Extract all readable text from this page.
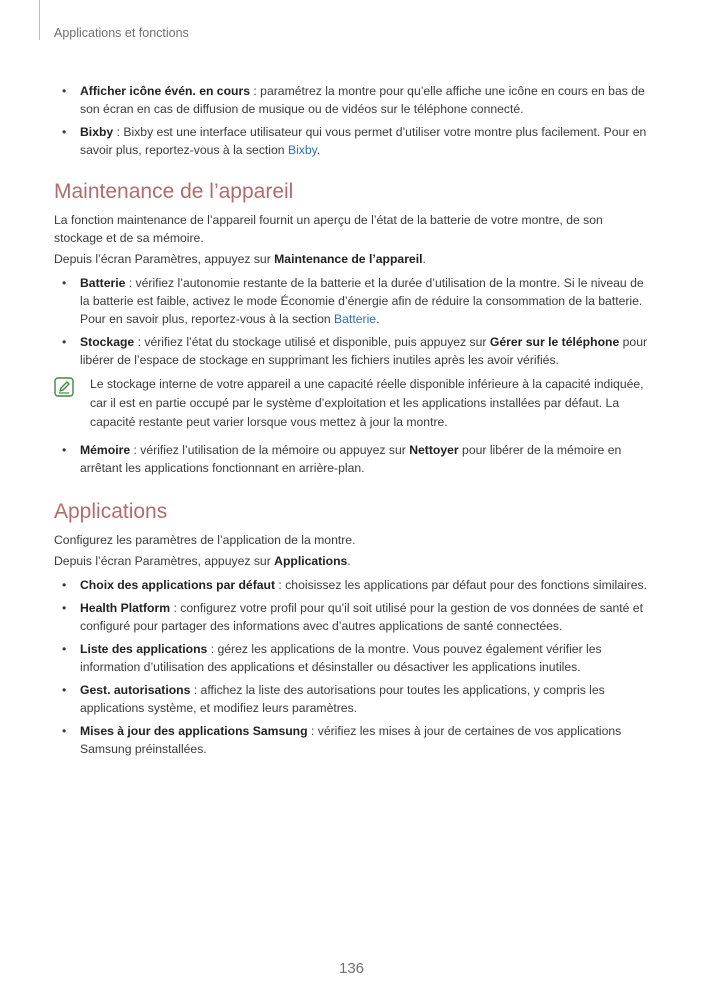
Applications et fonctions
• Afficher icône évén. en cours : paramétrez la montre pour qu’elle affiche une icône en cours en bas de son écran en cas de diffusion de musique ou de vidéos sur le téléphone connecté.
• Bixby : Bixby est une interface utilisateur qui vous permet d’utiliser votre montre plus facilement. Pour en savoir plus, reportez-vous à la section Bixby.
Maintenance de l’appareil

La fonction maintenance de l’appareil fournit un aperçu de l’état de la batterie de votre montre, de son stockage et de sa mémoire.

Depuis l’écran Paramètres, appuyez sur Maintenance de l’appareil.

• Batterie : vérifiez l’autonomie restante de la batterie et la durée d’utilisation de la montre. Si le niveau de la batterie est faible, activez le mode Économie d’énergie afin de réduire la consommation de la batterie. Pour en savoir plus, reportez-vous à la section Batterie.
• Stockage : vérifiez l’état du stockage utilisé et disponible, puis appuyez sur Gérer sur le téléphone pour libérer de l’espace de stockage en supprimant les fichiers inutiles après les avoir vérifiés.
Le stockage interne de votre appareil a une capacité réelle disponible inférieure à la capacité indiquée, car il est en partie occupé par le système d’exploitation et les applications installées par défaut. La capacité restante peut varier lorsque vous mettez à jour la montre.
• Mémoire : vérifiez l’utilisation de la mémoire ou appuyez sur Nettoyer pour libérer de la mémoire en arrêtant les applications fonctionnant en arrière-plan.
Applications

Configurez les paramètres de l’application de la montre.

Depuis l’écran Paramètres, appuyez sur Applications.

• Choix des applications par défaut : choisissez les applications par défaut pour des fonctions similaires.
• Health Platform : configurez votre profil pour qu’il soit utilisé pour la gestion de vos données de santé et configuré pour partager des informations avec d’autres applications de santé connectées.
• Liste des applications : gérez les applications de la montre. Vous pouvez également vérifier les information d’utilisation des applications et désinstaller ou désactiver les applications inutiles.
• Gest. autorisations : affichez la liste des autorisations pour toutes les applications, y compris les applications système, et modifiez leurs paramètres.
• Mises à jour des applications Samsung : vérifiez les mises à jour de certaines de vos applications Samsung préinstallées.
136
